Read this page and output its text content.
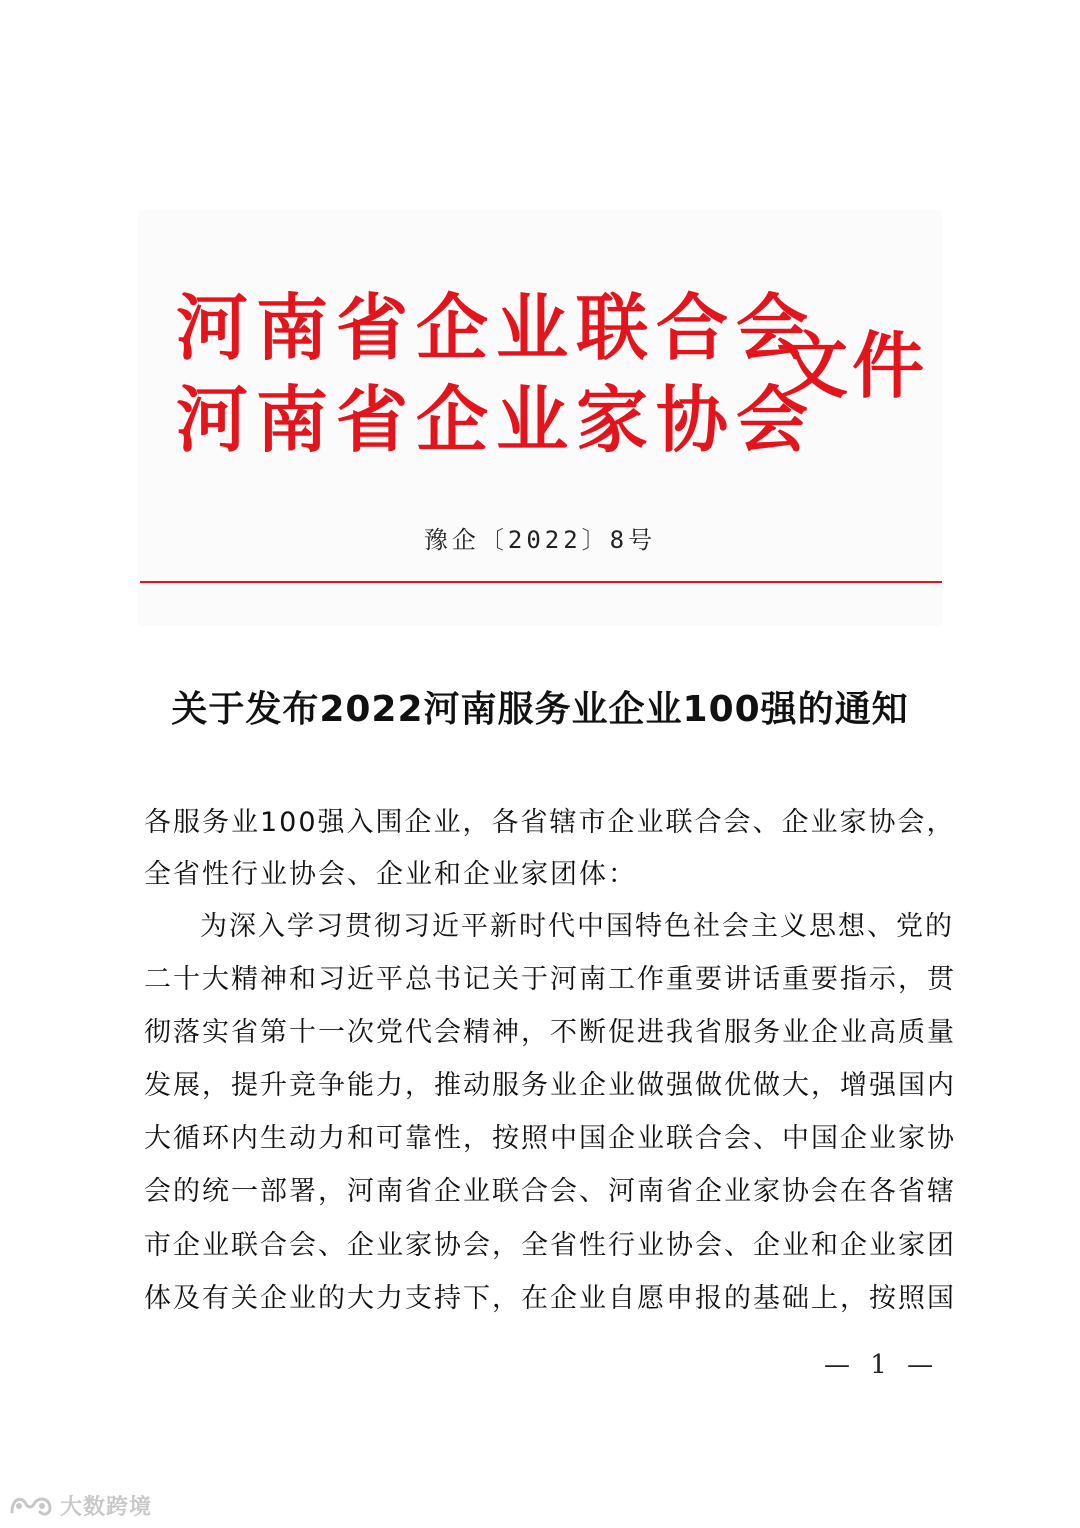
河南省企业联合会
河南省企业家协会
文件
豫企〔2022〕8号
关于发布2022河南服务业企业100强的通知
各服务业100强入围企业，各省辖市企业联合会、企业家协会，
全省性行业协会、企业和企业家团体：
为深入学习贯彻习近平新时代中国特色社会主义思想、党的
二十大精神和习近平总书记关于河南工作重要讲话重要指示，贯
彻落实省第十一次党代会精神，不断促进我省服务业企业高质量
发展，提升竞争能力，推动服务业企业做强做优做大，增强国内
大循环内生动力和可靠性，按照中国企业联合会、中国企业家协
会的统一部署，河南省企业联合会、河南省企业家协会在各省辖
市企业联合会、企业家协会，全省性行业协会、企业和企业家团
体及有关企业的大力支持下，在企业自愿申报的基础上，按照国
— 1 —
大数跨境
